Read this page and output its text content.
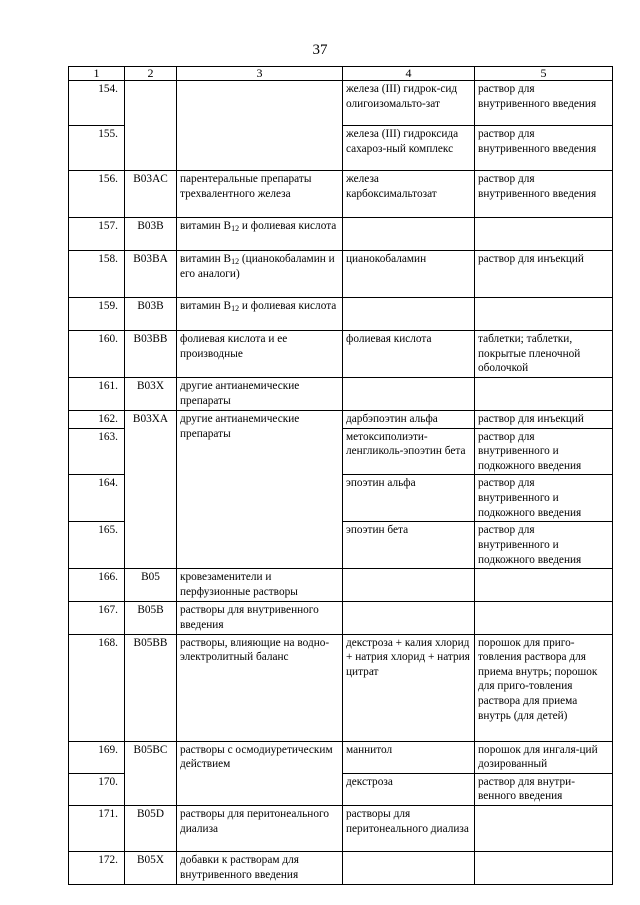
37
1	2	3	4	5
154.			железа (III) гидрок-сид олигоизомальто-зат	раствор для внутривенного введения
155.			железа (III) гидроксида сахароз-ный комплекс	раствор для внутривенного введения
156.	B03AC	парентеральные препараты трехвалентного железа	железа карбоксимальтозат	раствор для внутривенного введения
157.	B03B	витамин $B_{12}$ и фолиевая кислота		
158.	B03BA	витамин $B_{12}$ (цианокобаламин и его аналоги)	цианокобаламин	раствор для инъекций
159.	B03B	витамин $B_{12}$ и фолиевая кислота		
160.	B03BB	фолиевая кислота и ее производные	фолиевая кислота	таблетки; таблетки, покрытые пленочной оболочкой
161.	B03X	другие антианемические препараты		
162.	B03XA	другие антианемические препараты	дарбэпоэтин альфа	раствор для инъекций
163.			метоксиполиэти-ленгликоль-эпоэтин бета	раствор для внутривенного и подкожного введения
164.			эпоэтин альфа	раствор для внутривенного и подкожного введения
165.			эпоэтин бета	раствор для внутривенного и подкожного введения
166.	B05	кровезаменители и перфузионные растворы		
167.	B05B	растворы для внутривенного введения		
168.	B05BB	растворы, влияющие на водно-электролитный баланс	декстроза + калия хлорид + натрия хлорид + натрия цитрат	порошок для приго-товления раствора для приема внутрь; порошок для приго-товления раствора для приема внутрь (для детей)
169.	B05BC	растворы с осмодиуретическим действием	маннитол	порошок для ингаля-ций дозированный
170.			декстроза	раствор для внутри-венного введения
171.	B05D	растворы для перитонеального диализа	растворы для перитонеального диализа	
172.	B05X	добавки к растворам для внутривенного введения		
